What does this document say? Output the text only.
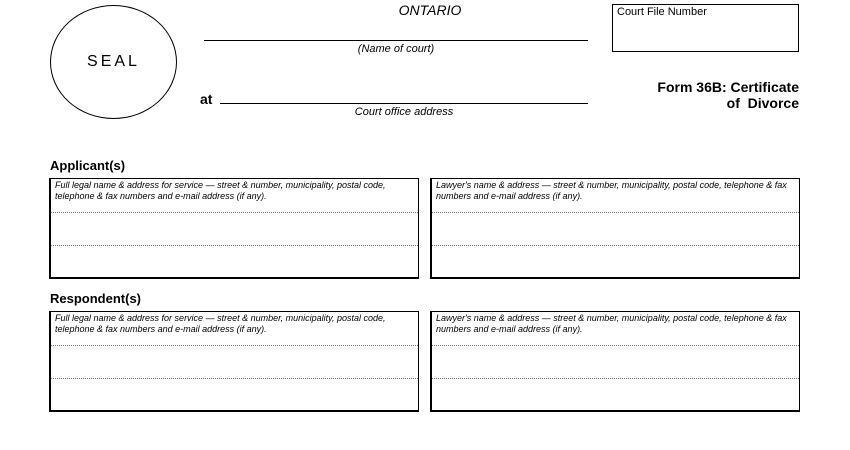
SEAL
ONTARIO
(Name of court)
at
Court office address
Court File Number
Form 36B: Certificate
of  Divorce
Applicant(s)
Full legal name & address for service — street & number, municipality, postal code, telephone & fax numbers and e-mail address (if any).
Lawyer's name & address — street & number, municipality, postal code, telephone & fax numbers and e-mail address (if any).
Respondent(s)
Full legal name & address for service — street & number, municipality, postal code, telephone & fax numbers and e-mail address (if any).
Lawyer's name & address — street & number, municipality, postal code, telephone & fax numbers and e-mail address (if any).
